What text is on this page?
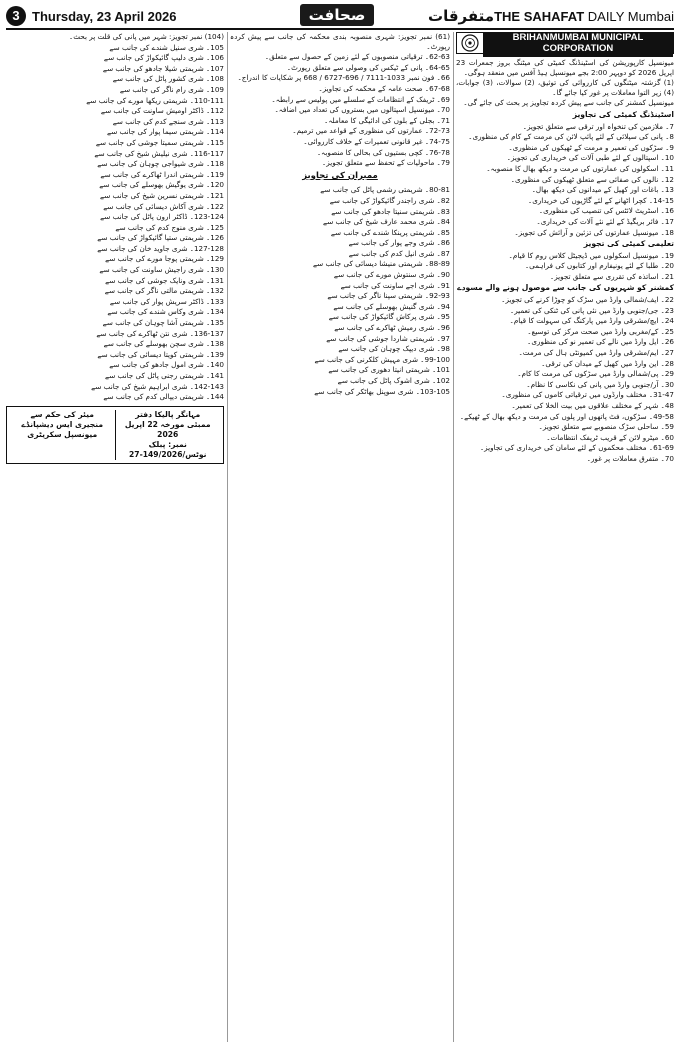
3 Thursday, 23 April 2026	صحافت	متفرقات THE SAHAFAT DAILY Mumbai
BRIHANMUMBAI MUNICIPAL CORPORATION

میونسپل کارپوریشن کی اسٹینڈنگ کمیٹی کی میٹنگ بروز جمعرات 23 اپریل 2026 کو دوپہر 2:00 بجے میونسپل ہیڈ آفس میں منعقد ہوگی۔

(1) گزشتہ میٹنگوں کی کارروائی کی توثیق، (2) سوالات، (3) جوابات، (4) زیر التوا معاملات پر غور کیا جائے گا۔

میونسپل کمشنر کی جانب سے پیش کردہ تجاویز پر بحث کی جائے گی۔

اسٹینڈنگ کمیٹی کی تجاویز

7۔ ملازمین کی تنخواہ اور ترقی سے متعلق تجویز۔

8۔ پانی کی سپلائی کے لئے پائپ لائن کی مرمت کے کام کی منظوری۔

9۔ سڑکوں کی تعمیر و مرمت کے ٹھیکوں کی منظوری۔

10۔ اسپتالوں کے لئے طبی آلات کی خریداری کی تجویز۔

11۔ اسکولوں کی عمارتوں کی مرمت و دیکھ بھال کا منصوبہ۔

12۔ نالوں کی صفائی سے متعلق ٹھیکوں کی منظوری۔

13۔ باغات اور کھیل کے میدانوں کی دیکھ بھال۔

14-15۔ کچرا اٹھانے کے لئے گاڑیوں کی خریداری۔

16۔ اسٹریٹ لائٹس کی تنصیب کی منظوری۔

17۔ فائر بریگیڈ کے لئے نئے آلات کی خریداری۔

18۔ میونسپل عمارتوں کی تزئین و آرائش کی تجویز۔

تعلیمی کمیٹی کی تجویز

19۔ میونسپل اسکولوں میں ڈیجیٹل کلاس روم کا قیام۔

20۔ طلبا کے لئے یونیفارم اور کتابوں کی فراہمی۔

21۔ اساتذہ کی تقرری سے متعلق تجویز۔

کمشنر کو شہریوں کی جانب سے موصول ہونے والے مسودے

22۔ ایف/شمالی وارڈ میں سڑک کو چوڑا کرنے کی تجویز۔

23۔ جی/جنوبی وارڈ میں نئی پانی کی ٹنکی کی تعمیر۔

24۔ ایچ/مشرقی وارڈ میں پارکنگ کی سہولت کا قیام۔

25۔ کے/مغربی وارڈ میں صحت مرکز کی توسیع۔

26۔ ایل وارڈ میں نالے کی تعمیر نو کی منظوری۔

27۔ ایم/مشرقی وارڈ میں کمیونٹی ہال کی مرمت۔

28۔ این وارڈ میں کھیل کے میدان کی ترقی۔

29۔ پی/شمالی وارڈ میں سڑکوں کی مرمت کا کام۔

30۔ آر/جنوبی وارڈ میں پانی کی نکاسی کا نظام۔

31-47۔ مختلف وارڈوں میں ترقیاتی کاموں کی منظوری۔

48۔ شہر کے مختلف علاقوں میں بیت الخلا کی تعمیر۔

49-58۔ سڑکوں، فٹ پاتھوں اور پلوں کی مرمت و دیکھ بھال کے ٹھیکے۔

59۔ ساحلی سڑک منصوبے سے متعلق تجویز۔

60۔ میٹرو لائن کے قریب ٹریفک انتظامات۔

61-69۔ مختلف محکموں کے لئے سامان کی خریداری کی تجاویز۔

70۔ متفرق معاملات پر غور۔

(61) نمبر تجویز: شہری منصوبہ بندی محکمہ کی جانب سے پیش کردہ رپورٹ۔

62-63۔ ترقیاتی منصوبوں کے لئے زمین کے حصول سے متعلق۔

64-65۔ پانی کے ٹیکس کی وصولی سے متعلق رپورٹ۔

66۔ فون نمبر 1033-7111 / 696-6727 / 668 پر شکایات کا اندراج۔

67-68۔ صحت عامہ کے محکمہ کی تجاویز۔

69۔ ٹریفک کے انتظامات کے سلسلے میں پولیس سے رابطہ۔

70۔ میونسپل اسپتالوں میں بستروں کی تعداد میں اضافہ۔

71۔ بجلی کے بلوں کی ادائیگی کا معاملہ۔

72-73۔ عمارتوں کی منظوری کے قواعد میں ترمیم۔

74-75۔ غیر قانونی تعمیرات کے خلاف کارروائی۔

76-78۔ کچی بستیوں کی بحالی کا منصوبہ۔

79۔ ماحولیات کے تحفظ سے متعلق تجویز۔

ممبران کی تجاویز

80-81۔ شریمتی رشمی پاٹل کی جانب سے

82۔ شری راجندر گائیکواڑ کی جانب سے

83۔ شریمتی سنیتا جادھو کی جانب سے

84۔ شری محمد عارف شیخ کی جانب سے

85۔ شریمتی پرینکا شندے کی جانب سے

86۔ شری وجے پوار کی جانب سے

87۔ شری انیل کدم کی جانب سے

88-89۔ شریمتی منیشا دیسائی کی جانب سے

90۔ شری سنتوش مورے کی جانب سے

91۔ شری اجے ساونت کی جانب سے

92-93۔ شریمتی سپنا ناگر کی جانب سے

94۔ شری گنیش بھوسلے کی جانب سے

95۔ شری پرکاش گائیکواڑ کی جانب سے

96۔ شری رمیش ٹھاکرے کی جانب سے

97۔ شریمتی شاردا جوشی کی جانب سے

98۔ شری دیپک چوہان کی جانب سے

99-100۔ شری مہیش کلکرنی کی جانب سے

101۔ شریمتی انیتا دھوری کی جانب سے

102۔ شری اشوک پاٹل کی جانب سے

103-105۔ شری سوپنل بھاٹکر کی جانب سے

(104) نمبر تجویز: شہر میں پانی کی قلت پر بحث۔

105۔ شری سنیل شندے کی جانب سے

106۔ شری دلیپ گائیکواڑ کی جانب سے

107۔ شریمتی شیلا جادھو کی جانب سے

108۔ شری کشور پاٹل کی جانب سے

109۔ شری رام ناگر کی جانب سے

110-111۔ شریمتی ریکھا مورے کی جانب سے

112۔ ڈاکٹر اومیش ساونت کی جانب سے

113۔ شری سنجے کدم کی جانب سے

114۔ شریمتی سیما پوار کی جانب سے

115۔ شریمتی سمیتا جوشی کی جانب سے

116-117۔ شری نیلیش شیخ کی جانب سے

118۔ شری شیواجی چوہان کی جانب سے

119۔ شریمتی اندرا ٹھاکرے کی جانب سے

120۔ شری یوگیش بھوسلے کی جانب سے

121۔ شریمتی نسرین شیخ کی جانب سے

122۔ شری آکاش دیسائی کی جانب سے

123-124۔ ڈاکٹر ارون پاٹل کی جانب سے

125۔ شری منوج کدم کی جانب سے

126۔ شریمتی ستیا گائیکواڑ کی جانب سے

127-128۔ شری جاوید خان کی جانب سے

129۔ شریمتی پوجا مورے کی جانب سے

130۔ شری راجیش ساونت کی جانب سے

131۔ شری ونایک جوشی کی جانب سے

132۔ شریمتی مالتی ناگر کی جانب سے

133۔ ڈاکٹر سریش پوار کی جانب سے

134۔ شری وکاس شندے کی جانب سے

135۔ شریمتی آشا چوہان کی جانب سے

136-137۔ شری نتن ٹھاکرے کی جانب سے

138۔ شری سچن بھوسلے کی جانب سے

139۔ شریمتی کویتا دیسائی کی جانب سے

140۔ شری امول جادھو کی جانب سے

141۔ شریمتی رجنی پاٹل کی جانب سے

142-143۔ شری ابراہیم شیخ کی جانب سے

144۔ شریمتی دیپالی کدم کی جانب سے

مہانگر پالیکا دفتر
ممبئی مورخہ 22 اپریل 2026
نمبر: پبلک نوٹس/149/2026-27
میئر کی حکم سے
منجیری ایس دیشپانڈے
میونسپل سکریٹری
